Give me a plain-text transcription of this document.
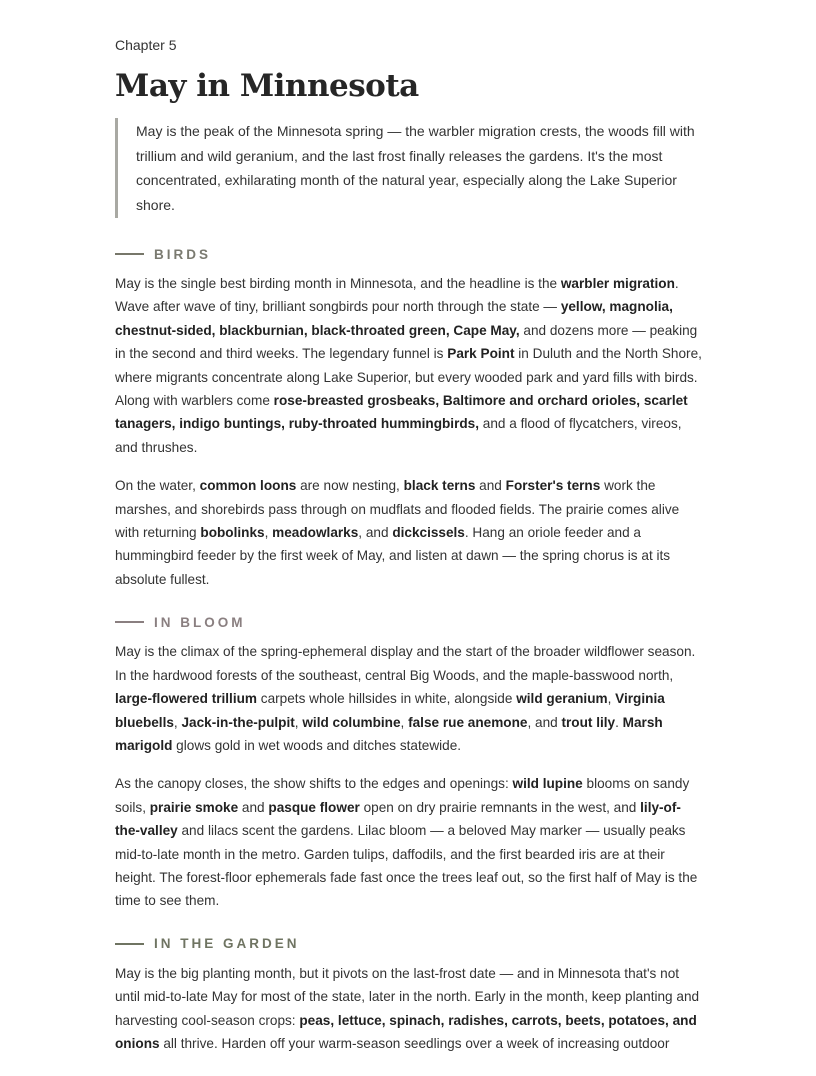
Chapter 5
May in Minnesota
May is the peak of the Minnesota spring — the warbler migration crests, the woods fill with trillium and wild geranium, and the last frost finally releases the gardens. It's the most concentrated, exhilarating month of the natural year, especially along the Lake Superior shore.
BIRDS

May is the single best birding month in Minnesota, and the headline is the warbler migration. Wave after wave of tiny, brilliant songbirds pour north through the state — yellow, magnolia, chestnut-sided, blackburnian, black-throated green, Cape May, and dozens more — peaking in the second and third weeks. The legendary funnel is Park Point in Duluth and the North Shore, where migrants concentrate along Lake Superior, but every wooded park and yard fills with birds. Along with warblers come rose-breasted grosbeaks, Baltimore and orchard orioles, scarlet tanagers, indigo buntings, ruby-throated hummingbirds, and a flood of flycatchers, vireos, and thrushes.

On the water, common loons are now nesting, black terns and Forster's terns work the marshes, and shorebirds pass through on mudflats and flooded fields. The prairie comes alive with returning bobolinks, meadowlarks, and dickcissels. Hang an oriole feeder and a hummingbird feeder by the first week of May, and listen at dawn — the spring chorus is at its absolute fullest.

IN BLOOM

May is the climax of the spring-ephemeral display and the start of the broader wildflower season. In the hardwood forests of the southeast, central Big Woods, and the maple-basswood north, large-flowered trillium carpets whole hillsides in white, alongside wild geranium, Virginia bluebells, Jack-in-the-pulpit, wild columbine, false rue anemone, and trout lily. Marsh marigold glows gold in wet woods and ditches statewide.

As the canopy closes, the show shifts to the edges and openings: wild lupine blooms on sandy soils, prairie smoke and pasque flower open on dry prairie remnants in the west, and lily-of-the-valley and lilacs scent the gardens. Lilac bloom — a beloved May marker — usually peaks mid-to-late month in the metro. Garden tulips, daffodils, and the first bearded iris are at their height. The forest-floor ephemerals fade fast once the trees leaf out, so the first half of May is the time to see them.

IN THE GARDEN

May is the big planting month, but it pivots on the last-frost date — and in Minnesota that's not until mid-to-late May for most of the state, later in the north. Early in the month, keep planting and harvesting cool-season crops: peas, lettuce, spinach, radishes, carrots, beets, potatoes, and onions all thrive. Harden off your warm-season seedlings over a week of increasing outdoor
